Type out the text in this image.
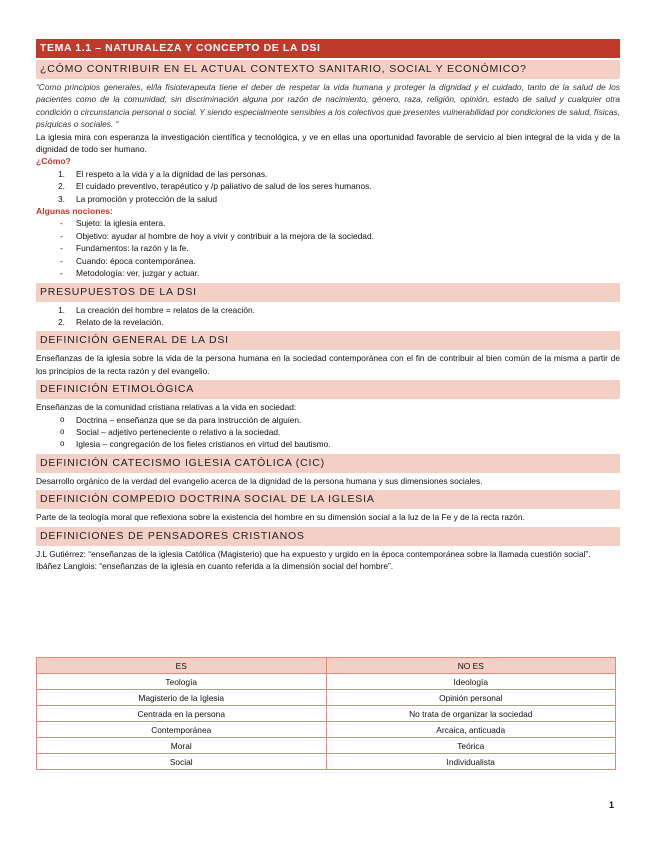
TEMA 1.1 – NATURALEZA Y CONCEPTO DE LA DSI
¿CÓMO CONTRIBUIR EN EL ACTUAL CONTEXTO SANITARIO, SOCIAL Y ECONÓMICO?

“Como principios generales, el/la fisioterapeuta tiene el deber de respetar la vida humana y proteger la dignidad y el cuidado, tanto de la salud de los pacientes como de la comunidad, sin discriminación alguna por razón de nacimiento, género, raza, religión, opinión, estado de salud y cualquier otra condición o circunstancia personal o social. Y siendo especialmente sensibles a los colectivos que presentes vulnerabilidad por condiciones de salud, físicas, psíquicas o sociales. “

La iglesia mira con esperanza la investigación científica y tecnológica, y ve en ellas una oportunidad favorable de servicio al bien integral de la vida y de la dignidad de todo ser humano.

¿Cómo?

1.	El respeto a la vida y a la dignidad de las personas.
2.	El cuidado preventivo, terapéutico y /p paliativo de salud de los seres humanos.
3.	La promoción y protección de la salud

Algunas nociones:

-	Sujeto: la iglesia entera.
-	Objetivo: ayudar al hombre de hoy a vivir y contribuir a la mejora de la sociedad.
-	Fundamentos: la razón y la fe.
-	Cuando: época contemporánea.
-	Metodología: ver, juzgar y actuar.
PRESUPUESTOS DE LA DSI
1.	La creación del hombre = relatos de la creación.
2.	Relato de la revelación.
DEFINICIÓN GENERAL DE LA DSI

Enseñanzas de la iglesia sobre la vida de la persona humana en la sociedad contemporánea con el fin de contribuir al bien común de la misma a partir de los principios de la recta razón y del evangelio.

DEFINICIÓN ETIMOLÓGICA

Enseñanzas de la comunidad cristiana relativas a la vida en sociedad:

o	Doctrina – enseñanza que se da para instrucción de alguien.
o	Social – adjetivo perteneciente o relativo a la sociedad.
o	Iglesia – congregación de los fieles cristianos en virtud del bautismo.
DEFINICIÓN CATECISMO IGLESIA CATÓLICA (CIC)

Desarrollo orgánico de la verdad del evangelio acerca de la dignidad de la persona humana y sus dimensiones sociales.

DEFINICIÓN COMPEDIO DOCTRINA SOCIAL DE LA IGLESIA

Parte de la teología moral que reflexiona sobre la existencia del hombre en su dimensión social a la luz de la Fe y de la recta razón.

DEFINICIONES DE PENSADORES CRISTIANOS

J.L Gutiérrez: “enseñanzas de la iglesia Católica (Magisterio) que ha expuesto y urgido en la época contemporánea sobre la llamada cuestión social”.

Ibáñez Langlois: “enseñanzas de la iglesia en cuanto referida a la dimensión social del hombre”.

ES	NO ES
Teología	Ideología
Magisterio de la Iglesia	Opinión personal
Centrada en la persona	No trata de organizar la sociedad
Contemporánea	Arcaica, anticuada
Moral	Teórica
Social	Individualista
1
